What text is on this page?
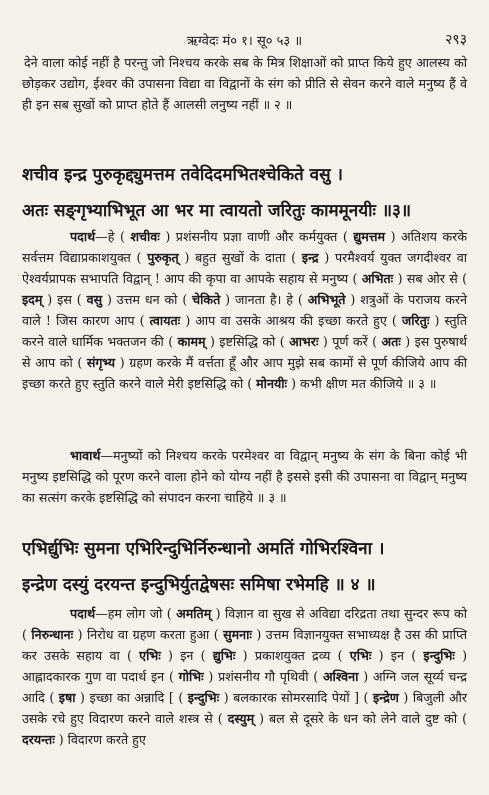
ऋग्वेदः मं० १। सू० ५३ ॥	२९३
देने वाला कोई नहीं है परन्तु जो निश्चय करके सब के मित्र शिक्षाओं को प्राप्त किये हुए आलस्य को छोड़कर उद्योग, ईश्वर की उपासना विद्या वा विद्वानों के संग को प्रीति से सेवन करने वाले मनुष्य हैं वे ही इन सब सुखों को प्राप्त होते हैं आलसी लनुष्य नहीं ॥ २ ॥
शचीव इन्द्र पुरुकृद्द्युमत्तम तवेदिदमभितश्चेकिते वसु ।
अतः सङ्गृभ्याभिभूत आ भर मा त्वायतो जरितुः काममूनयीः ॥३॥
पदार्थ—हे ( शचीवः ) प्रशंसनीय प्रज्ञा वाणी और कर्मयुक्त ( द्युमत्तम ) अतिशय करके सर्वत्तम विद्याप्रकाशयुक्त ( पुरुकृत् ) बहुत सुखों के दाता ( इन्द्र ) परमैश्वर्य युक्त जगदीश्वर वा ऐश्वर्यप्रापक सभापति विद्वान् ! आप की कृपा वा आपके सहाय से मनुष्य ( अभितः ) सब ओर से ( इदम् ) इस ( वसु ) उत्तम धन को ( चेकिते ) जानता है। हे ( अभिभूते ) शत्रुओं के पराजय करने वाले ! जिस कारण आप ( त्वायतः ) आप वा उसके आश्रय की इच्छा करते हुए ( जरितुः ) स्तुति करने वाले धार्मिक भक्तजन की ( कामम् ) इष्टसिद्धि को ( आभरः ) पूर्ण करें ( अतः ) इस पुरुषार्थ से आप को ( संगृभ्य ) ग्रहण करके मैं वर्त्तता हूँ और आप मुझे सब कामों से पूर्ण कीजिये आप की इच्छा करते हुए स्तुति करने वाले मेरी इष्टसिद्धि को ( मोनयीः ) कभी क्षीण मत कीजिये ॥ ३ ॥
भावार्थ—मनुष्यों को निश्चय करके परमेश्वर वा विद्वान् मनुष्य के संग के बिना कोई भी मनुष्य इष्टसिद्धि को पूरण करने वाला होने को योग्य नहीं है इससे इसी की उपासना वा विद्वान् मनुष्य का सत्संग करके इष्टसिद्धि को संपादन करना चाहिये ॥ ३ ॥
एभिर्द्युभिः सुमना एभिरिन्दुभिर्निरुन्धानो अमतिं गोभिरश्विना ।
इन्द्रेण दस्युं दरयन्त इन्दुभिर्युतद्वेषसः समिषा रभेमहि ॥ ४ ॥
पदार्थ—हम लोग जो ( अमतिम् ) विज्ञान वा सुख से अविद्या दरिद्रता तथा सुन्दर रूप को ( निरुन्धानः ) निरोध वा ग्रहण करता हुआ ( सुमनाः ) उत्तम विज्ञानयुक्त सभाध्यक्ष है उस की प्राप्ति कर उसके सहाय वा ( एभिः ) इन ( द्युभिः ) प्रकाशयुक्त द्रव्य ( एभिः ) इन ( इन्दुभिः ) आह्लादकारक गुण वा पदार्थ इन ( गोभिः ) प्रशंसनीय गौ पृथिवी ( अश्विना ) अग्नि जल सूर्य्य चन्द्र आदि ( इषा ) इच्छा का अन्नादि [ ( इन्दुभिः ) बलकारक सोमरसादि पेयों ] ( इन्द्रेण ) बिजुली और उसके रचे हुए विदारण करने वाले शस्त्र से ( दस्युम् ) बल से दूसरे के धन को लेने वाले दुष्ट को ( दरयन्तः ) विदारण करते हुए
